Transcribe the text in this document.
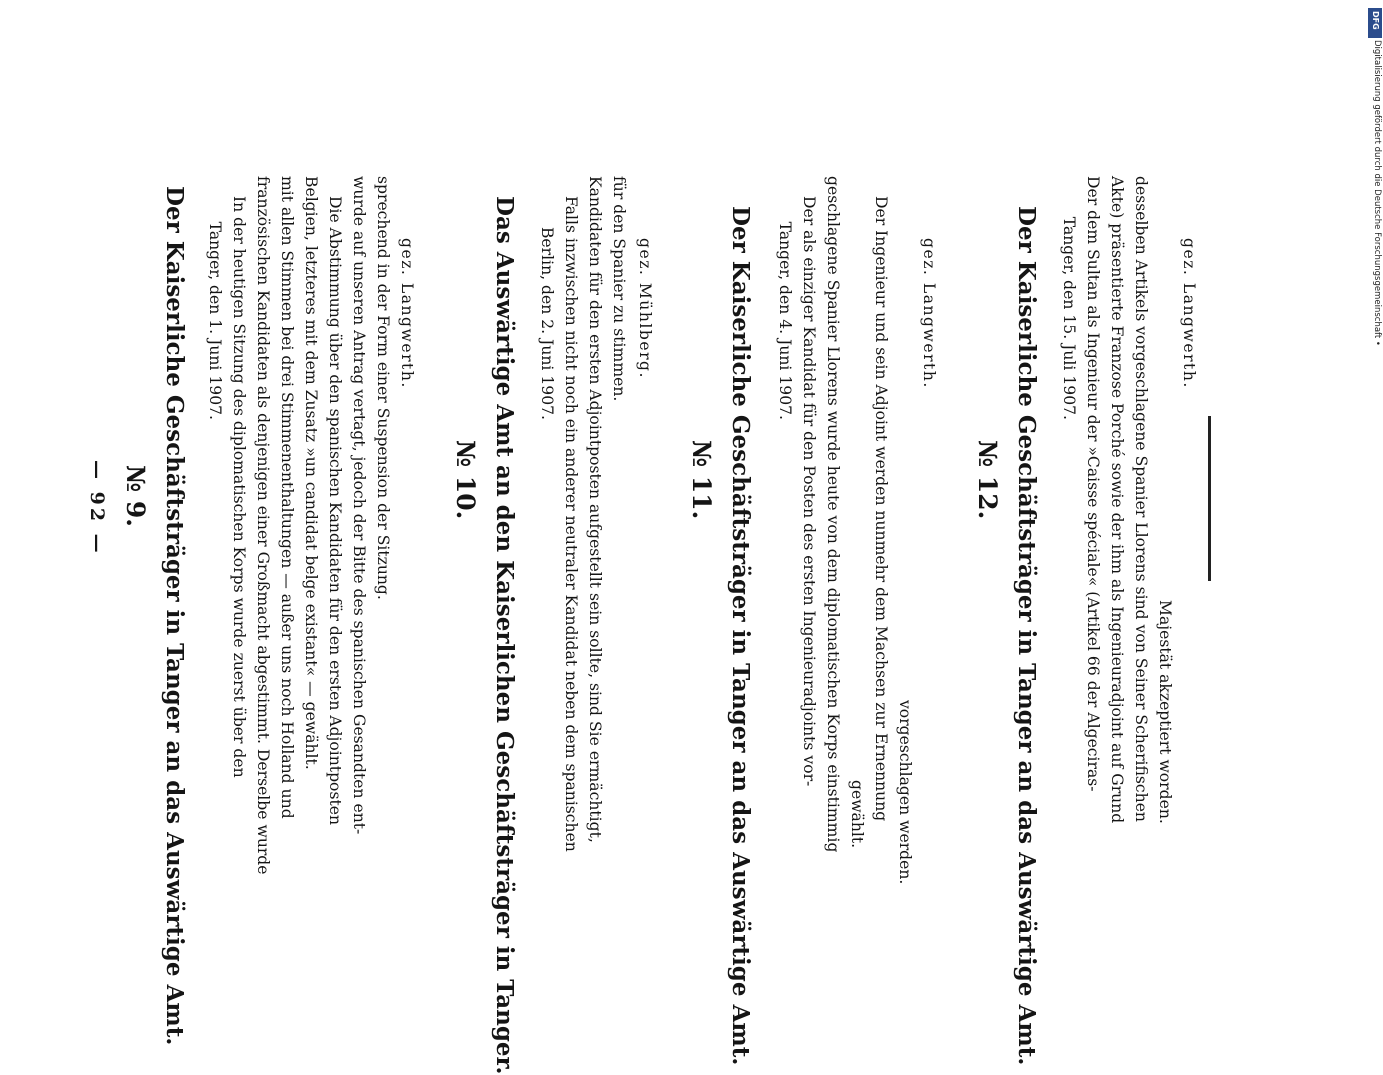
— 92 — № 9. Der Kaiserliche Geschäftsträger in Tanger an das Auswärtige Amt. Tanger, den 1. Juni 1907. In der heutigen Sitzung des diplomatischen Korps wurde zuerst über den französischen Kandidaten als denjenigen einer Großmacht abgestimmt. Derselbe wurde mit allen Stimmen bei drei Stimmenenthaltungen — außer uns noch Holland und Belgien, letzteres mit dem Zusatz »un candidat belge existant« — gewählt. Die Abstimmung über den spanischen Kandidaten für den ersten Adjointposten wurde auf unseren Antrag vertagt, jedoch der Bitte des spanischen Gesandten ent- sprechend in der Form einer Suspension der Sitzung. gez. Langwerth.
№ 10. Das Auswärtige Amt an den Kaiserlichen Geschäftsträger in Tanger. Berlin, den 2. Juni 1907. Falls inzwischen nicht noch ein anderer neutraler Kandidat neben dem spanischen Kandidaten für den ersten Adjointposten aufgestellt sein sollte, sind Sie ermächtigt, für den Spanier zu stimmen. gez. Mühlberg.
№ 11. Der Kaiserliche Geschäftsträger in Tanger an das Auswärtige Amt. Tanger, den 4. Juni 1907. Der als einziger Kandidat für den Posten des ersten Ingenieuradjoints vor- geschlagene Spanier Llorens wurde heute von dem diplomatischen Korps einstimmig gewählt. Der Ingenieur und sein Adjoint werden nunmehr dem Machsen zur Ernennung vorgeschlagen werden.
gez. Langwerth.
№ 12. Der Kaiserliche Geschäftsträger in Tanger an das Auswärtige Amt. Tanger, den 15. Juli 1907. Der dem Sultan als Ingenieur der »Caisse spéciale« (Artikel 66 der Algeciras- Akte) präsentierte Franzose Porché sowie der ihm als Ingenieuradjoint auf Grund desselben Artikels vorgeschlagene Spanier Llorens sind von Seiner Scherifischen Majestät akzeptiert worden.
gez. Langwerth.
DFG
Digitalisierung gefördert durch die Deutsche Forschungsgemeinschaft •
